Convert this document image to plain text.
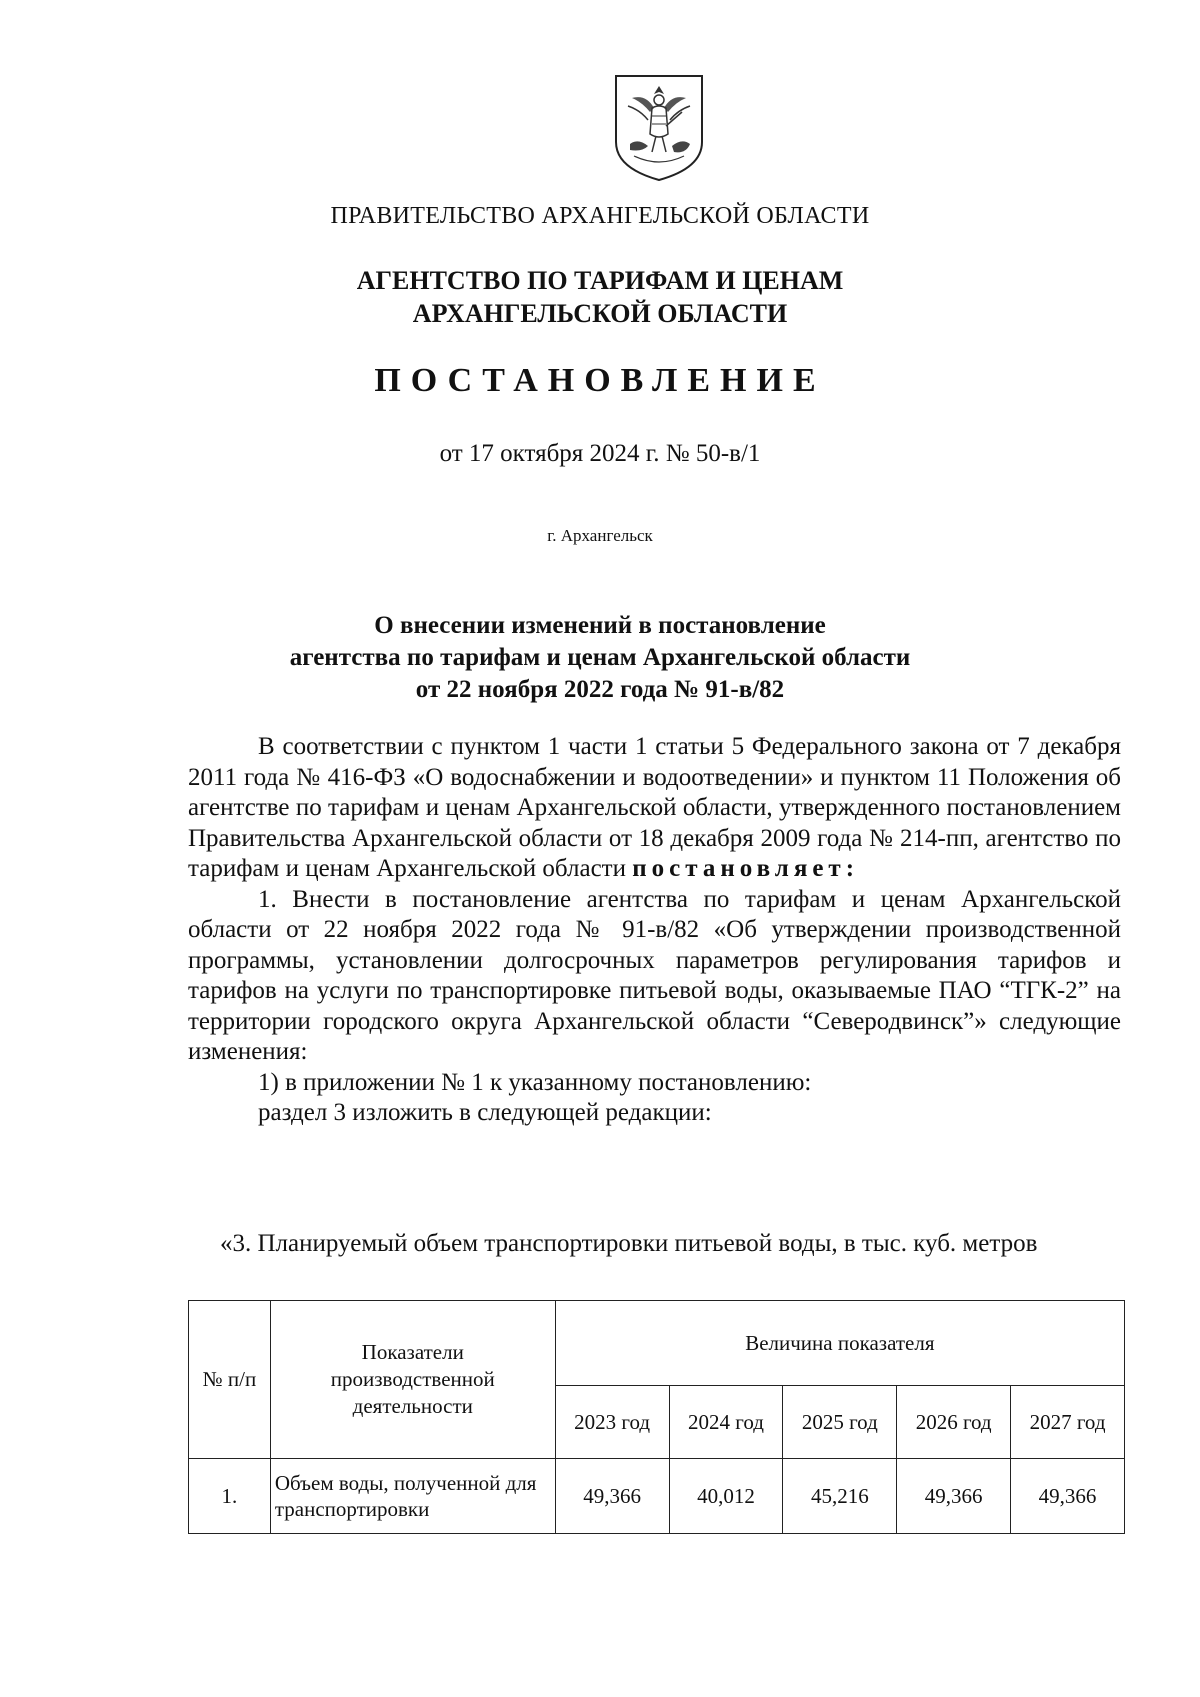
ПРАВИТЕЛЬСТВО АРХАНГЕЛЬСКОЙ ОБЛАСТИ
АГЕНТСТВО ПО ТАРИФАМ И ЦЕНАМ
АРХАНГЕЛЬСКОЙ ОБЛАСТИ
ПОСТАНОВЛЕНИЕ
от 17 октября 2024 г. № 50-в/1
г. Архангельск
О внесении изменений в постановление
агентства по тарифам и ценам Архангельской области
от 22 ноября 2022 года № 91-в/82
В соответствии с пунктом 1 части 1 статьи 5 Федерального закона от 7 декабря 2011 года № 416-ФЗ «О водоснабжении и водоотведении» и пунктом 11 Положения об агентстве по тарифам и ценам Архангельской области, утвержденного постановлением Правительства Архангельской области от 18 декабря 2009 года № 214-пп, агентство по тарифам и ценам Архангельской области постановляет:
1. Внести в постановление агентства по тарифам и ценам Архангельской области от 22 ноября 2022 года № 91-в/82 «Об утверждении производственной программы, установлении долгосрочных параметров регулирования тарифов и тарифов на услуги по транспортировке питьевой воды, оказываемые ПАО “ТГК-2” на территории городского округа Архангельской области “Северодвинск”» следующие изменения:
1) в приложении № 1 к указанному постановлению:
раздел 3 изложить в следующей редакции:
«3. Планируемый объем транспортировки питьевой воды, в тыс. куб. метров
№ п/п	Показатели производственной деятельности	Величина показателя				
		2023 год	2024 год	2025 год	2026 год	2027 год
1.	Объем воды, полученной для транспортировки	49,366	40,012	45,216	49,366	49,366
